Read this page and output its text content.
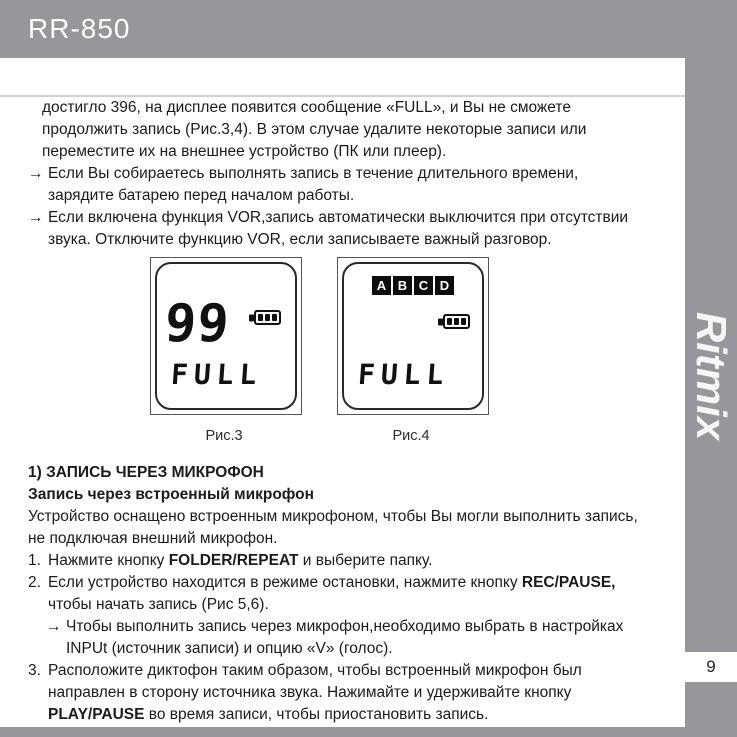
RR-850
Ritmix
9
достигло 396, на дисплее появится сообщение «FULL», и Вы не сможете
продолжить запись (Рис.3,4). В этом случае удалите некоторые записи или
переместите их на внешнее устройство (ПК или плеер).
→ Если Вы собираетесь выполнять запись в течение длительного времени,
зарядите батарею перед началом работы.
→ Если включена функция VOR,запись автоматически выключится при отсутствии
звука. Отключите функцию VOR, если записываете важный разговор.
99
FULL
A B C D
FULL
Рис.3	Рис.4
1) ЗАПИСЬ ЧЕРЕЗ МИКРОФОН
Запись через встроенный микрофон
Устройство оснащено встроенным микрофоном, чтобы Вы могли выполнить запись,
не подключая внешний микрофон.
1. Нажмите кнопку FOLDER/REPEAT и выберите папку.
2. Если устройство находится в режиме остановки, нажмите кнопку REC/PAUSE,
чтобы начать запись (Рис 5,6).
→ Чтобы выполнить запись через микрофон,необходимо выбрать в настройках
INPUt (источник записи) и опцию «V» (голос).
3. Расположите диктофон таким образом, чтобы встроенный микрофон был
направлен в сторону источника звука. Нажимайте и удерживайте кнопку
PLAY/PAUSE во время записи, чтобы приостановить запись.
